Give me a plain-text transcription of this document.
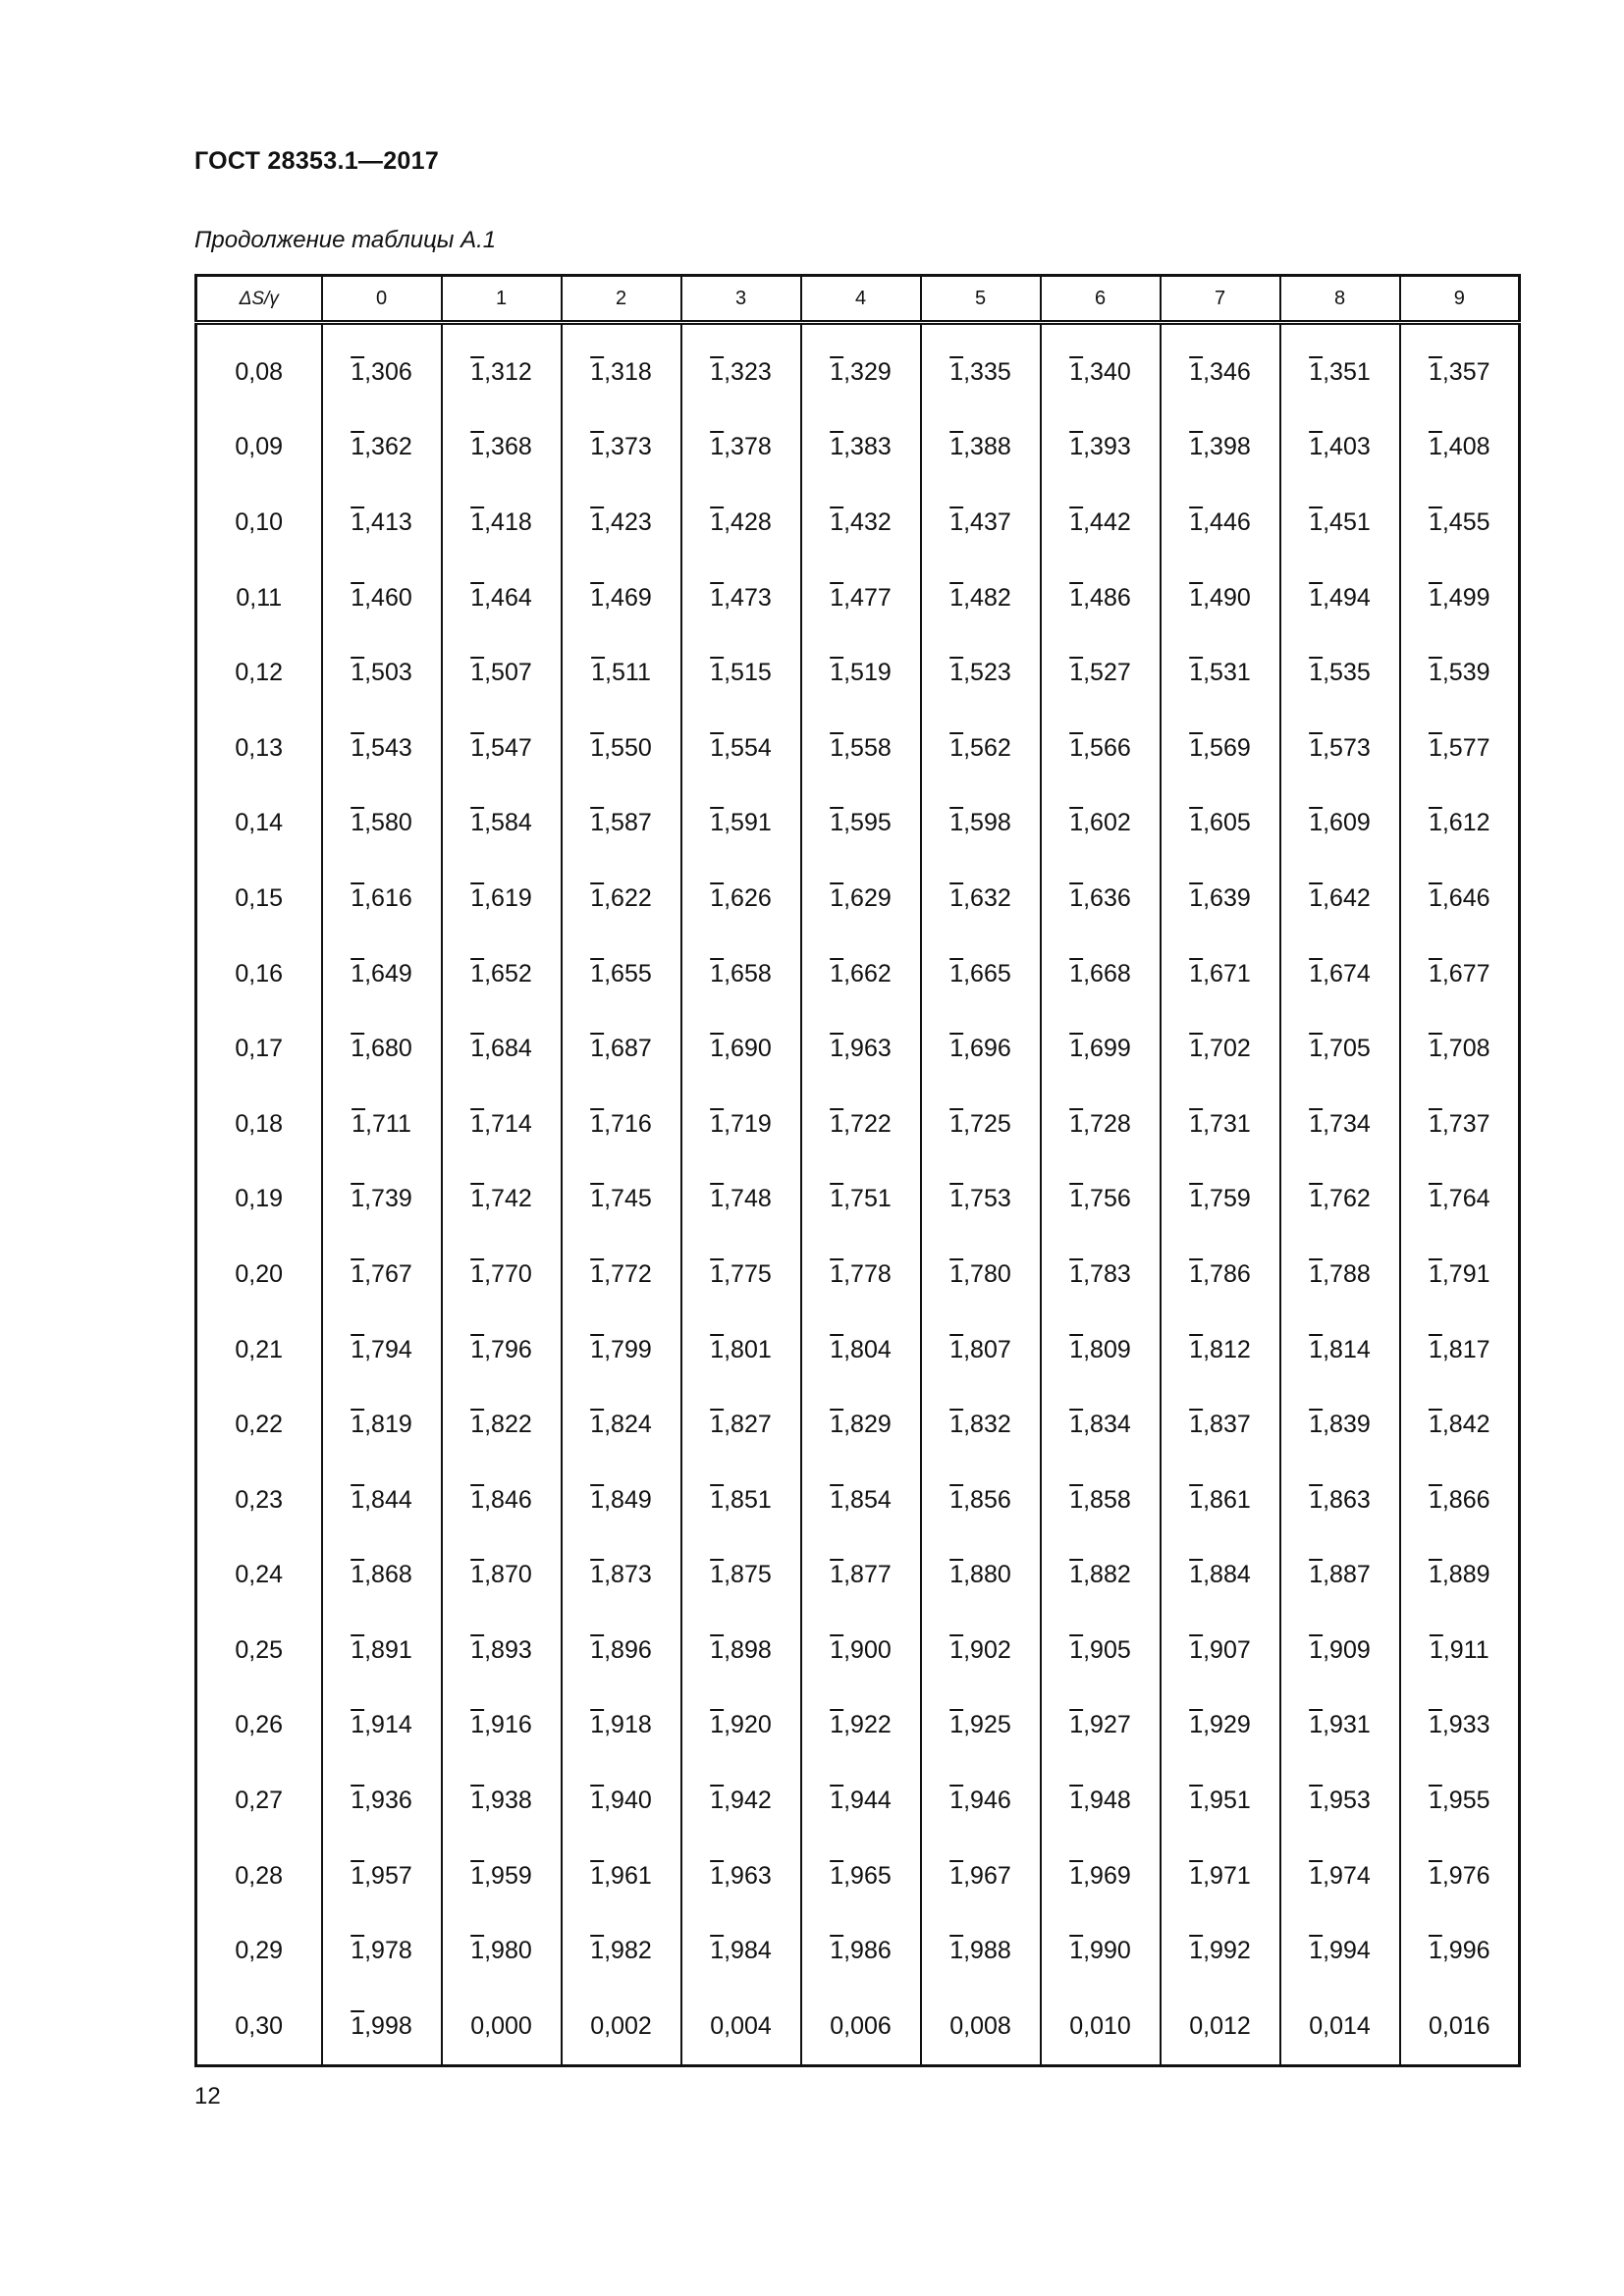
ГОСТ 28353.1—2017

Продолжение таблицы А.1

ΔS/γ	0	1	2	3	4	5	6	7	8	9
0,08	1,306	1,312	1,318	1,323	1,329	1,335	1,340	1,346	1,351	1,357
0,09	1,362	1,368	1,373	1,378	1,383	1,388	1,393	1,398	1,403	1,408
0,10	1,413	1,418	1,423	1,428	1,432	1,437	1,442	1,446	1,451	1,455
0,11	1,460	1,464	1,469	1,473	1,477	1,482	1,486	1,490	1,494	1,499
0,12	1,503	1,507	1,511	1,515	1,519	1,523	1,527	1,531	1,535	1,539
0,13	1,543	1,547	1,550	1,554	1,558	1,562	1,566	1,569	1,573	1,577
0,14	1,580	1,584	1,587	1,591	1,595	1,598	1,602	1,605	1,609	1,612
0,15	1,616	1,619	1,622	1,626	1,629	1,632	1,636	1,639	1,642	1,646
0,16	1,649	1,652	1,655	1,658	1,662	1,665	1,668	1,671	1,674	1,677
0,17	1,680	1,684	1,687	1,690	1,963	1,696	1,699	1,702	1,705	1,708
0,18	1,711	1,714	1,716	1,719	1,722	1,725	1,728	1,731	1,734	1,737
0,19	1,739	1,742	1,745	1,748	1,751	1,753	1,756	1,759	1,762	1,764
0,20	1,767	1,770	1,772	1,775	1,778	1,780	1,783	1,786	1,788	1,791
0,21	1,794	1,796	1,799	1,801	1,804	1,807	1,809	1,812	1,814	1,817
0,22	1,819	1,822	1,824	1,827	1,829	1,832	1,834	1,837	1,839	1,842
0,23	1,844	1,846	1,849	1,851	1,854	1,856	1,858	1,861	1,863	1,866
0,24	1,868	1,870	1,873	1,875	1,877	1,880	1,882	1,884	1,887	1,889
0,25	1,891	1,893	1,896	1,898	1,900	1,902	1,905	1,907	1,909	1,911
0,26	1,914	1,916	1,918	1,920	1,922	1,925	1,927	1,929	1,931	1,933
0,27	1,936	1,938	1,940	1,942	1,944	1,946	1,948	1,951	1,953	1,955
0,28	1,957	1,959	1,961	1,963	1,965	1,967	1,969	1,971	1,974	1,976
0,29	1,978	1,980	1,982	1,984	1,986	1,988	1,990	1,992	1,994	1,996
0,30	1,998	0,000	0,002	0,004	0,006	0,008	0,010	0,012	0,014	0,016

12
